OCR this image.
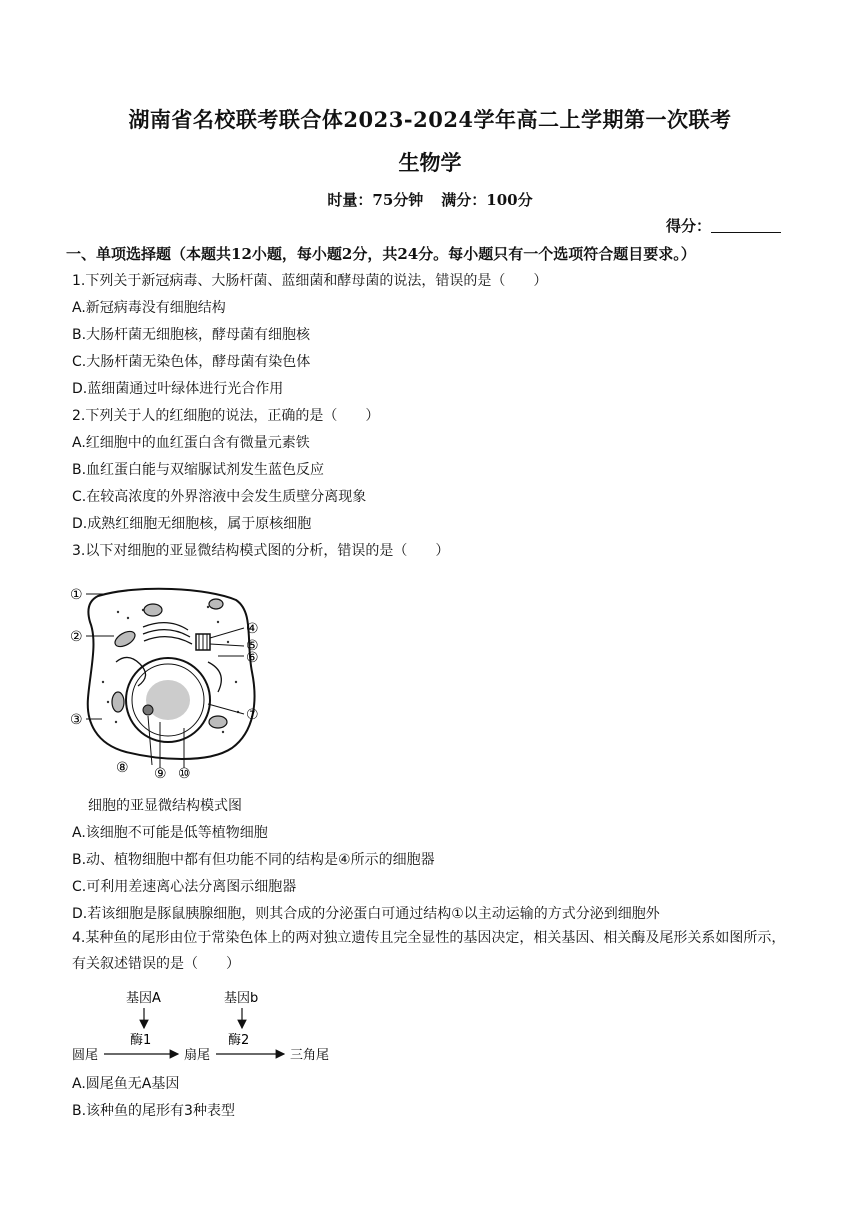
湖南省名校联考联合体2023-2024学年高二上学期第一次联考
生物学
时量：75分钟 满分：100分
得分：
一、单项选择题（本题共12小题，每小题2分，共24分。每小题只有一个选项符合题目要求。）
1.下列关于新冠病毒、大肠杆菌、蓝细菌和酵母菌的说法，错误的是（　　）
A.新冠病毒没有细胞结构
B.大肠杆菌无细胞核，酵母菌有细胞核
C.大肠杆菌无染色体，酵母菌有染色体
D.蓝细菌通过叶绿体进行光合作用
2.下列关于人的红细胞的说法，正确的是（　　）
A.红细胞中的血红蛋白含有微量元素铁
B.血红蛋白能与双缩脲试剂发生蓝色反应
C.在较高浓度的外界溶液中会发生质壁分离现象
D.成熟红细胞无细胞核，属于原核细胞
3.以下对细胞的亚显微结构模式图的分析，错误的是（　　）
①
②
③
④
⑤
⑥
⑦
⑧ ⑨ ⑩
细胞的亚显微结构模式图
A.该细胞不可能是低等植物细胞
B.动、植物细胞中都有但功能不同的结构是④所示的细胞器
C.可利用差速离心法分离图示细胞器
D.若该细胞是豚鼠胰腺细胞，则其合成的分泌蛋白可通过结构①以主动运输的方式分泌到细胞外
4.某种鱼的尾形由位于常染色体上的两对独立遗传且完全显性的基因决定，相关基因、相关酶及尾形关系如图所示，有关叙述错误的是（　　）
基因A	基因b
酶1	酶2
圆尾	扇尾	三角尾
A.圆尾鱼无A基因
B.该种鱼的尾形有3种表型
